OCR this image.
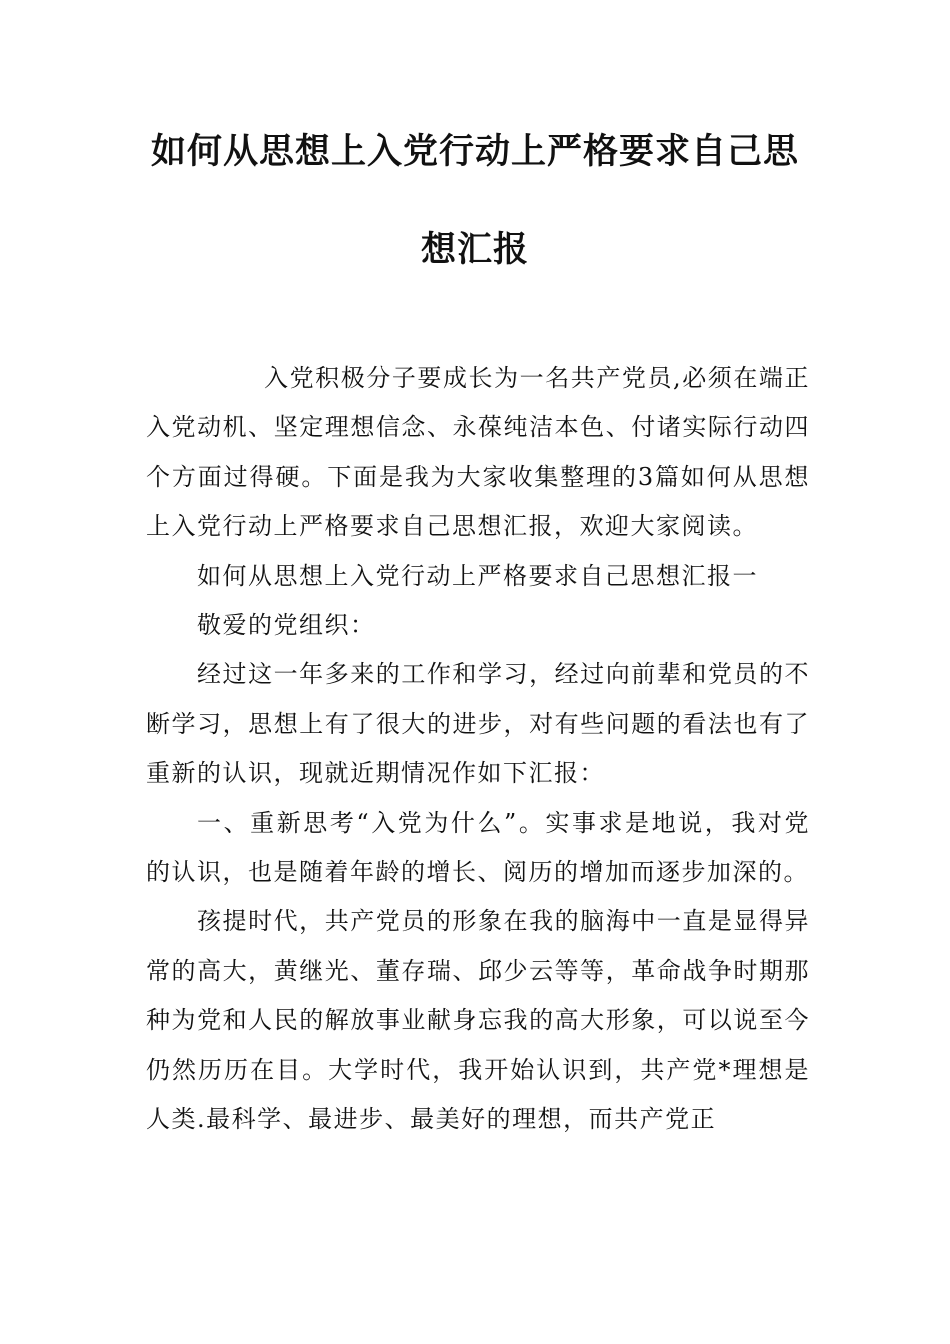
如何从思想上入党行动上严格要求自己思
想汇报

入党积极分子要成长为一名共产党员,必须在端正入党动机、坚定理想信念、永葆纯洁本色、付诸实际行动四个方面过得硬。下面是我为大家收集整理的3篇如何从思想上入党行动上严格要求自己思想汇报，欢迎大家阅读。

如何从思想上入党行动上严格要求自己思想汇报一

敬爱的党组织：

经过这一年多来的工作和学习，经过向前辈和党员的不断学习，思想上有了很大的进步，对有些问题的看法也有了重新的认识，现就近期情况作如下汇报：

一、重新思考“入党为什么”。实事求是地说，我对党的认识，也是随着年龄的增长、阅历的增加而逐步加深的。

孩提时代，共产党员的形象在我的脑海中一直是显得异常的高大，黄继光、董存瑞、邱少云等等，革命战争时期那种为党和人民的解放事业献身忘我的高大形象，可以说至今仍然历历在目。大学时代，我开始认识到，共产党*理想是人类.最科学、最进步、最美好的理想，而共产党正
